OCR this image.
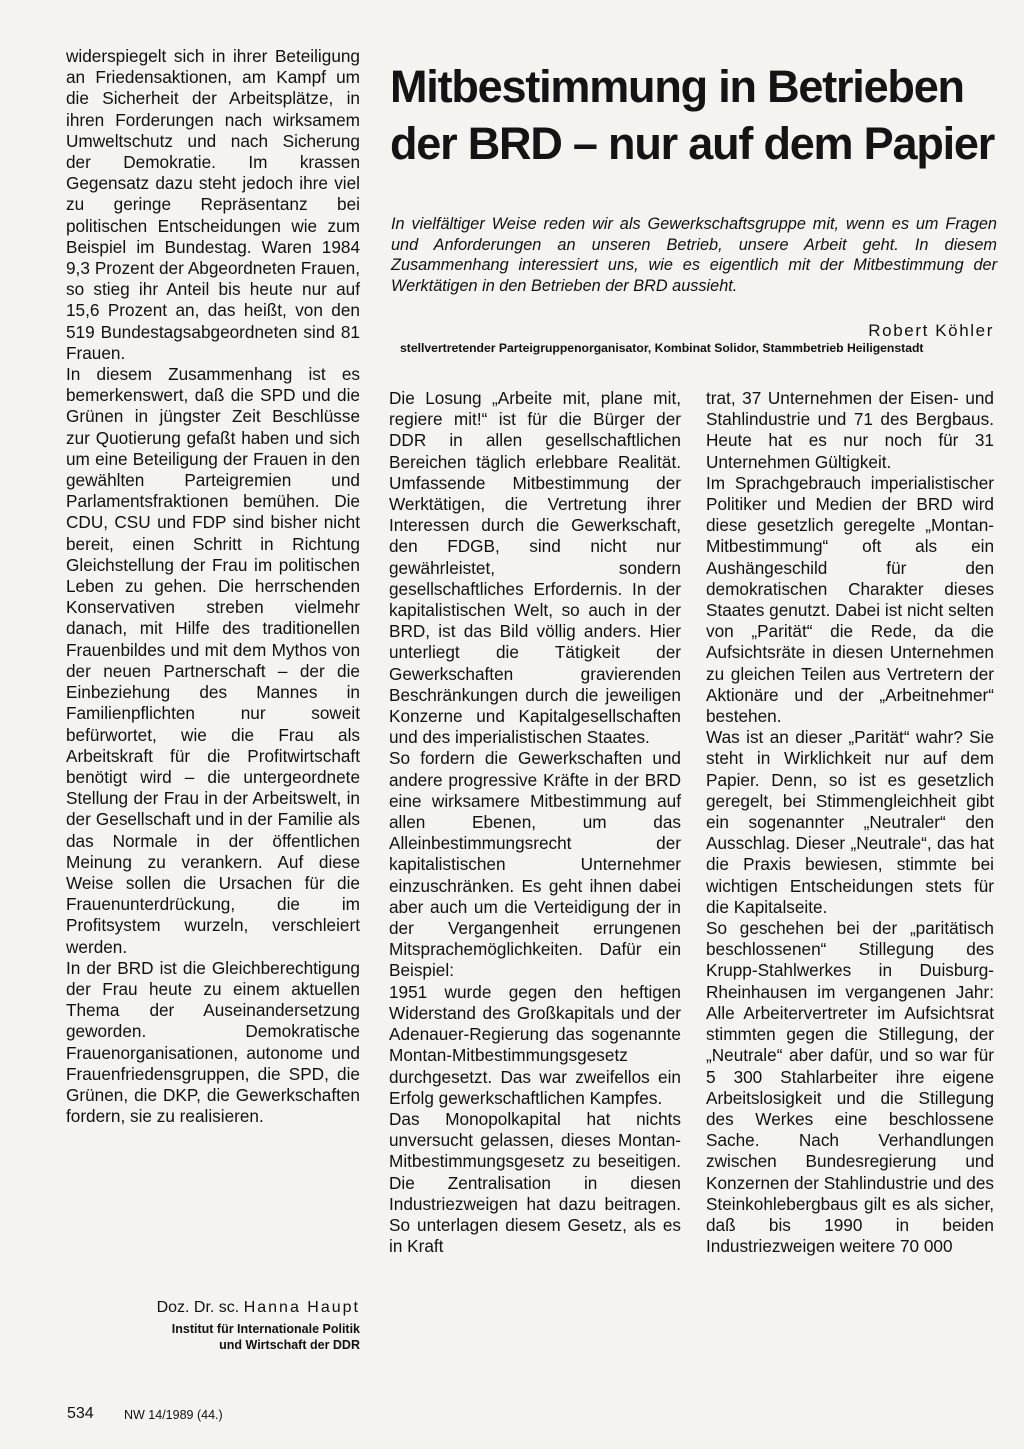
widerspiegelt sich in ihrer Beteiligung an Friedensaktionen, am Kampf um die Sicherheit der Arbeitsplätze, in ihren Forderungen nach wirksamem Umweltschutz und nach Sicherung der Demokratie. Im krassen Gegensatz dazu steht jedoch ihre viel zu geringe Repräsentanz bei politischen Entscheidungen wie zum Beispiel im Bundestag. Waren 1984 9,3 Prozent der Abgeordneten Frauen, so stieg ihr Anteil bis heute nur auf 15,6 Prozent an, das heißt, von den 519 Bundestagsabgeordneten sind 81 Frauen.

In diesem Zusammenhang ist es bemerkenswert, daß die SPD und die Grünen in jüngster Zeit Beschlüsse zur Quotierung gefaßt haben und sich um eine Beteiligung der Frauen in den gewählten Parteigremien und Parlamentsfraktionen bemühen. Die CDU, CSU und FDP sind bisher nicht bereit, einen Schritt in Richtung Gleichstellung der Frau im politischen Leben zu gehen. Die herrschenden Konservativen streben vielmehr danach, mit Hilfe des traditionellen Frauenbildes und mit dem Mythos von der neuen Partnerschaft – der die Einbeziehung des Mannes in Familienpflichten nur soweit befürwortet, wie die Frau als Arbeitskraft für die Profitwirtschaft benötigt wird – die untergeordnete Stellung der Frau in der Arbeitswelt, in der Gesellschaft und in der Familie als das Normale in der öffentlichen Meinung zu verankern. Auf diese Weise sollen die Ursachen für die Frauenunterdrückung, die im Profitsystem wurzeln, verschleiert werden.

In der BRD ist die Gleichberechtigung der Frau heute zu einem aktuellen Thema der Auseinandersetzung geworden. Demokratische Frauenorganisationen, autonome und Frauenfriedensgruppen, die SPD, die Grünen, die DKP, die Gewerkschaften fordern, sie zu realisieren.

Doz. Dr. sc. Hanna Haupt
Institut für Internationale Politik
und Wirtschaft der DDR
Mitbestimmung in Betrieben der BRD – nur auf dem Papier

In vielfältiger Weise reden wir als Gewerkschaftsgruppe mit, wenn es um Fragen und Anforderungen an unseren Betrieb, unsere Arbeit geht. In diesem Zusammenhang interessiert uns, wie es eigentlich mit der Mitbestimmung der Werktätigen in den Betrieben der BRD aussieht.

Robert Köhler
stellvertretender Parteigruppenorganisator, Kombinat Solidor, Stammbetrieb Heiligenstadt

Die Losung „Arbeite mit, plane mit, regiere mit!“ ist für die Bürger der DDR in allen gesellschaftlichen Bereichen täglich erlebbare Realität. Umfassende Mitbestimmung der Werktätigen, die Vertretung ihrer Interessen durch die Gewerkschaft, den FDGB, sind nicht nur gewährleistet, sondern gesellschaftliches Erfordernis. In der kapitalistischen Welt, so auch in der BRD, ist das Bild völlig anders. Hier unterliegt die Tätigkeit der Gewerkschaften gravierenden Beschränkungen durch die jeweiligen Konzerne und Kapitalgesellschaften und des imperialistischen Staates.

So fordern die Gewerkschaften und andere progressive Kräfte in der BRD eine wirksamere Mitbestimmung auf allen Ebenen, um das Alleinbestimmungsrecht der kapitalistischen Unternehmer einzuschränken. Es geht ihnen dabei aber auch um die Verteidigung der in der Vergangenheit errungenen Mitsprachemöglichkeiten. Dafür ein Beispiel:

1951 wurde gegen den heftigen Widerstand des Großkapitals und der Adenauer-Regierung das sogenannte Montan-Mitbestimmungsgesetz durchgesetzt. Das war zweifellos ein Erfolg gewerkschaftlichen Kampfes.

Das Monopolkapital hat nichts unversucht gelassen, dieses Montan-Mitbestimmungsgesetz zu beseitigen. Die Zentralisation in diesen Industriezweigen hat dazu beitragen. So unterlagen diesem Gesetz, als es in Kraft

trat, 37 Unternehmen der Eisen- und Stahlindustrie und 71 des Bergbaus. Heute hat es nur noch für 31 Unternehmen Gültigkeit.

Im Sprachgebrauch imperialistischer Politiker und Medien der BRD wird diese gesetzlich geregelte „Montan-Mitbestimmung“ oft als ein Aushängeschild für den demokratischen Charakter dieses Staates genutzt. Dabei ist nicht selten von „Parität“ die Rede, da die Aufsichtsräte in diesen Unternehmen zu gleichen Teilen aus Vertretern der Aktionäre und der „Arbeitnehmer“ bestehen.

Was ist an dieser „Parität“ wahr? Sie steht in Wirklichkeit nur auf dem Papier. Denn, so ist es gesetzlich geregelt, bei Stimmengleichheit gibt ein sogenannter „Neutraler“ den Ausschlag. Dieser „Neutrale“, das hat die Praxis bewiesen, stimmte bei wichtigen Entscheidungen stets für die Kapitalseite.

So geschehen bei der „paritätisch beschlossenen“ Stillegung des Krupp-Stahlwerkes in Duisburg-Rheinhausen im vergangenen Jahr: Alle Arbeitervertreter im Aufsichtsrat stimmten gegen die Stillegung, der „Neutrale“ aber dafür, und so war für 5 300 Stahlarbeiter ihre eigene Arbeitslosigkeit und die Stillegung des Werkes eine beschlossene Sache. Nach Verhandlungen zwischen Bundesregierung und Konzernen der Stahlindustrie und des Steinkohlebergbaus gilt es als sicher, daß bis 1990 in beiden Industriezweigen weitere 70 000

534 NW 14/1989 (44.)
